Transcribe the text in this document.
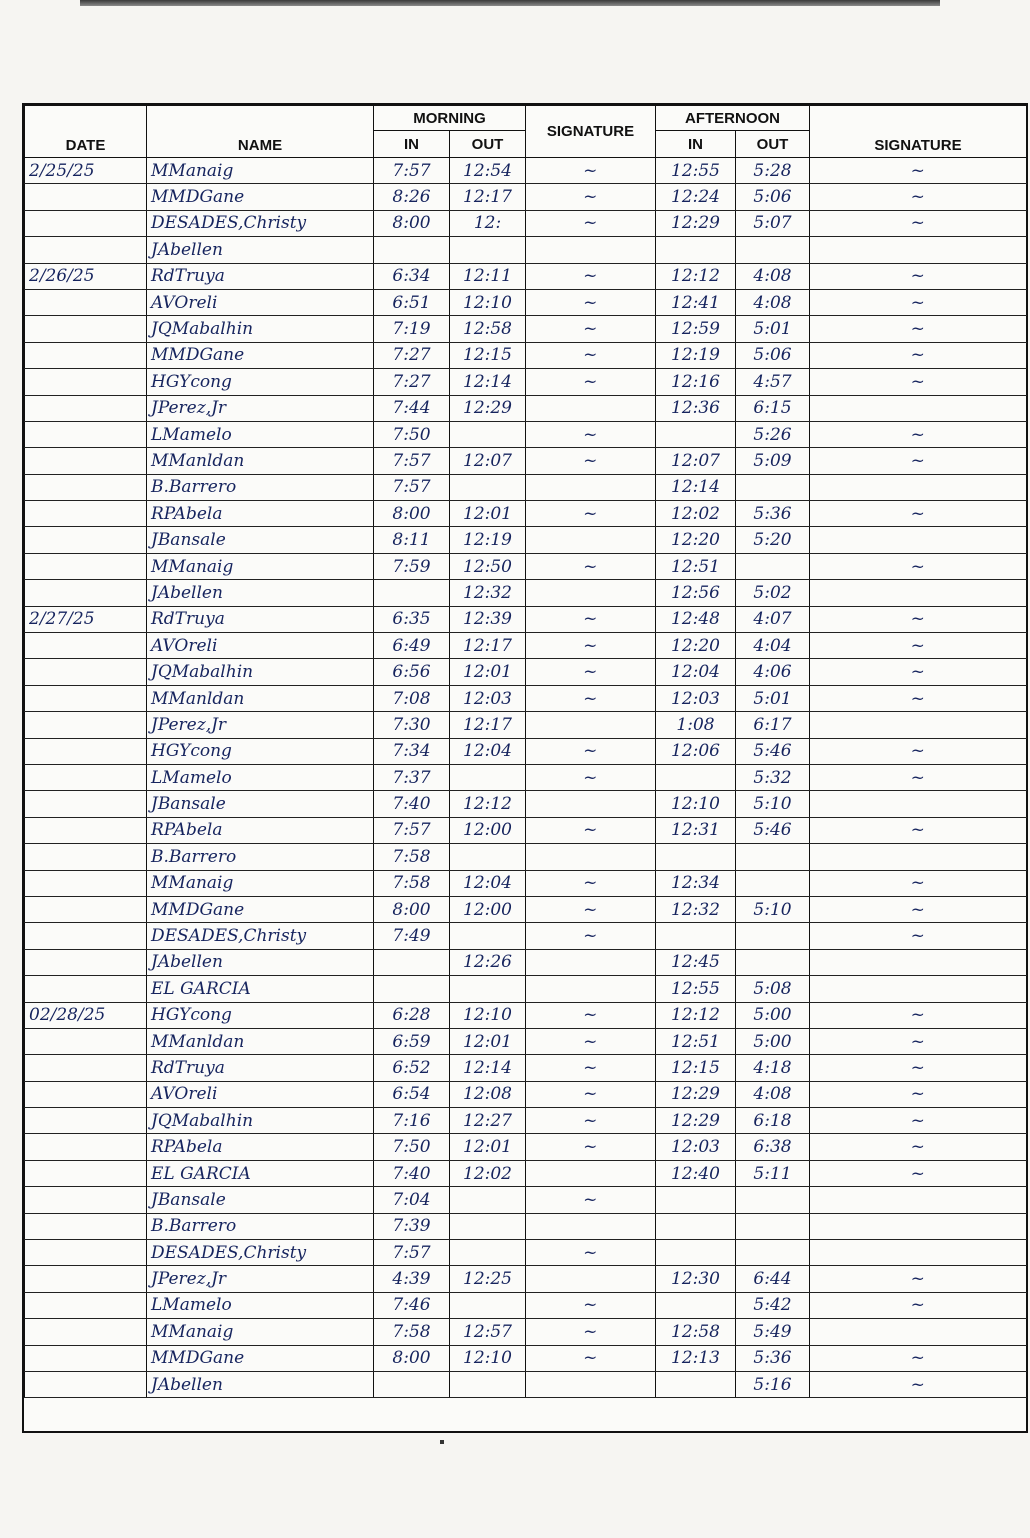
DATE	NAME	MORNING		SIGNATURE	AFTERNOON		SIGNATURE
		IN	OUT		IN	OUT	
2/25/25	MManaig	7:57	12:54	~	12:55	5:28	~
	MMDGane	8:26	12:17	~	12:24	5:06	~
	DESADES,Christy	8:00	12:	~	12:29	5:07	~
	JAbellen						
2/26/25	RdTruya	6:34	12:11	~	12:12	4:08	~
	AVOreli	6:51	12:10	~	12:41	4:08	~
	JQMabalhin	7:19	12:58	~	12:59	5:01	~
	MMDGane	7:27	12:15	~	12:19	5:06	~
	HGYcong	7:27	12:14	~	12:16	4:57	~
	JPerez,Jr	7:44	12:29		12:36	6:15	
	LMamelo	7:50		~		5:26	~
	MManldan	7:57	12:07	~	12:07	5:09	~
	B.Barrero	7:57			12:14		
	RPAbela	8:00	12:01	~	12:02	5:36	~
	JBansale	8:11	12:19		12:20	5:20	
	MManaig	7:59	12:50	~	12:51		~
	JAbellen		12:32		12:56	5:02	
2/27/25	RdTruya	6:35	12:39	~	12:48	4:07	~
	AVOreli	6:49	12:17	~	12:20	4:04	~
	JQMabalhin	6:56	12:01	~	12:04	4:06	~
	MManldan	7:08	12:03	~	12:03	5:01	~
	JPerez,Jr	7:30	12:17		1:08	6:17	
	HGYcong	7:34	12:04	~	12:06	5:46	~
	LMamelo	7:37		~		5:32	~
	JBansale	7:40	12:12		12:10	5:10	
	RPAbela	7:57	12:00	~	12:31	5:46	~
	B.Barrero	7:58					
	MManaig	7:58	12:04	~	12:34		~
	MMDGane	8:00	12:00	~	12:32	5:10	~
	DESADES,Christy	7:49		~			~
	JAbellen		12:26		12:45		
	EL GARCIA				12:55	5:08	
02/28/25	HGYcong	6:28	12:10	~	12:12	5:00	~
	MManldan	6:59	12:01	~	12:51	5:00	~
	RdTruya	6:52	12:14	~	12:15	4:18	~
	AVOreli	6:54	12:08	~	12:29	4:08	~
	JQMabalhin	7:16	12:27	~	12:29	6:18	~
	RPAbela	7:50	12:01	~	12:03	6:38	~
	EL GARCIA	7:40	12:02		12:40	5:11	~
	JBansale	7:04		~			
	B.Barrero	7:39					
	DESADES,Christy	7:57		~			
	JPerez,Jr	4:39	12:25		12:30	6:44	~
	LMamelo	7:46		~		5:42	~
	MManaig	7:58	12:57	~	12:58	5:49	
	MMDGane	8:00	12:10	~	12:13	5:36	~
	JAbellen					5:16	~
